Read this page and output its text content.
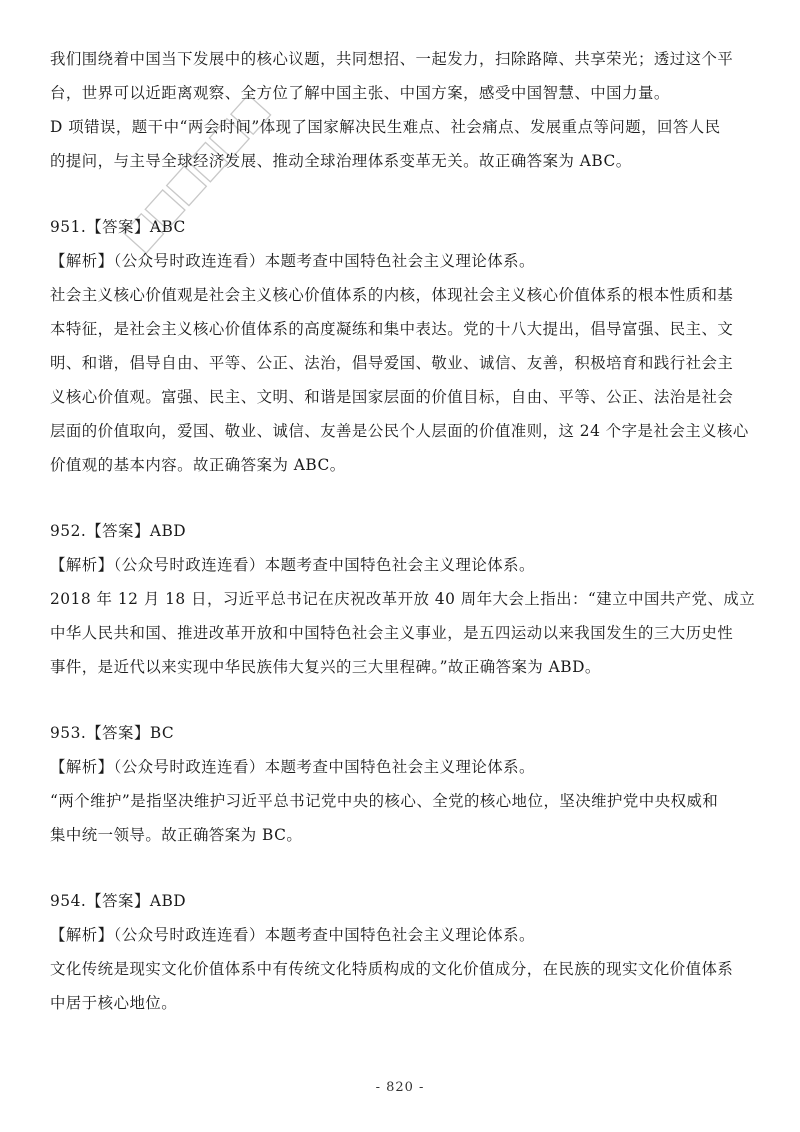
我们围绕着中国当下发展中的核心议题，共同想招、一起发力，扫除路障、共享荣光；透过这个平
台，世界可以近距离观察、全方位了解中国主张、中国方案，感受中国智慧、中国力量。
D 项错误，题干中“两会时间”体现了国家解决民生难点、社会痛点、发展重点等问题，回答人民
的提问，与主导全球经济发展、推动全球治理体系变革无关。故正确答案为 ABC。
951.【答案】ABC
【解析】（公众号时政连连看）本题考查中国特色社会主义理论体系。
社会主义核心价值观是社会主义核心价值体系的内核，体现社会主义核心价值体系的根本性质和基
本特征，是社会主义核心价值体系的高度凝练和集中表达。党的十八大提出，倡导富强、民主、文
明、和谐，倡导自由、平等、公正、法治，倡导爱国、敬业、诚信、友善，积极培育和践行社会主
义核心价值观。富强、民主、文明、和谐是国家层面的价值目标，自由、平等、公正、法治是社会
层面的价值取向，爱国、敬业、诚信、友善是公民个人层面的价值准则，这 24 个字是社会主义核心
价值观的基本内容。故正确答案为 ABC。
952.【答案】ABD
【解析】（公众号时政连连看）本题考查中国特色社会主义理论体系。
2018 年 12 月 18 日，习近平总书记在庆祝改革开放 40 周年大会上指出：“建立中国共产党、成立
中华人民共和国、推进改革开放和中国特色社会主义事业，是五四运动以来我国发生的三大历史性
事件，是近代以来实现中华民族伟大复兴的三大里程碑。”故正确答案为 ABD。
953.【答案】BC
【解析】（公众号时政连连看）本题考查中国特色社会主义理论体系。
“两个维护”是指坚决维护习近平总书记党中央的核心、全党的核心地位，坚决维护党中央权威和
集中统一领导。故正确答案为 BC。
954.【答案】ABD
【解析】（公众号时政连连看）本题考查中国特色社会主义理论体系。
文化传统是现实文化价值体系中有传统文化特质构成的文化价值成分，在民族的现实文化价值体系
中居于核心地位。
- 820 -
